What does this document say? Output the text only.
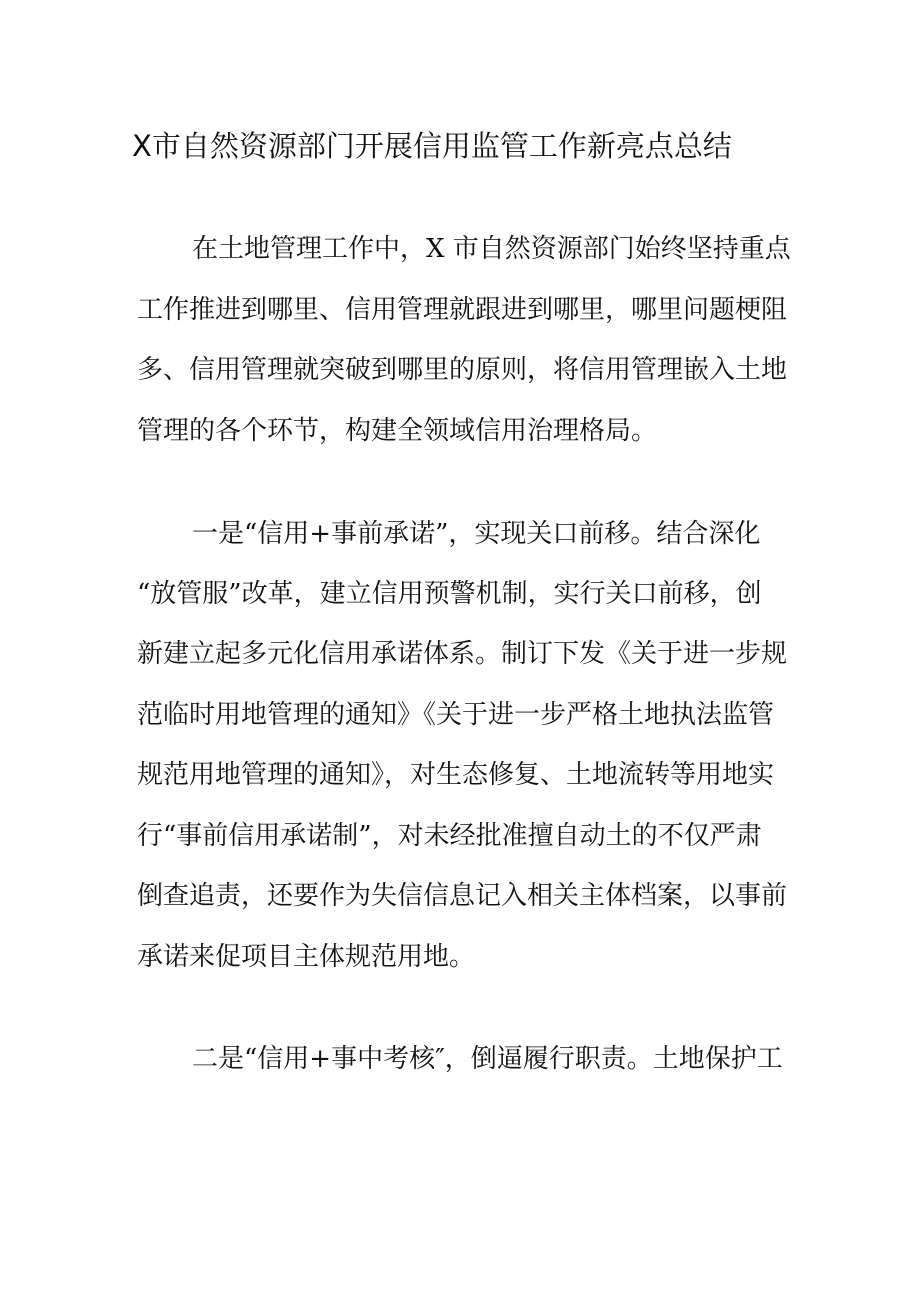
X市自然资源部门开展信用监管工作新亮点总结
在土地管理工作中，X 市自然资源部门始终坚持重点
工作推进到哪里、信用管理就跟进到哪里，哪里问题梗阻
多、信用管理就突破到哪里的原则，将信用管理嵌入土地
管理的各个环节，构建全领域信用治理格局。
一是“信用+事前承诺”，实现关口前移。结合深化
“放管服”改革，建立信用预警机制，实行关口前移，创
新建立起多元化信用承诺体系。制订下发《关于进一步规
范临时用地管理的通知》《关于进一步严格土地执法监管
规范用地管理的通知》，对生态修复、土地流转等用地实
行“事前信用承诺制”，对未经批准擅自动土的不仅严肃
倒查追责，还要作为失信信息记入相关主体档案，以事前
承诺来促项目主体规范用地。
二是“信用+事中考核″，倒逼履行职责。土地保护工
